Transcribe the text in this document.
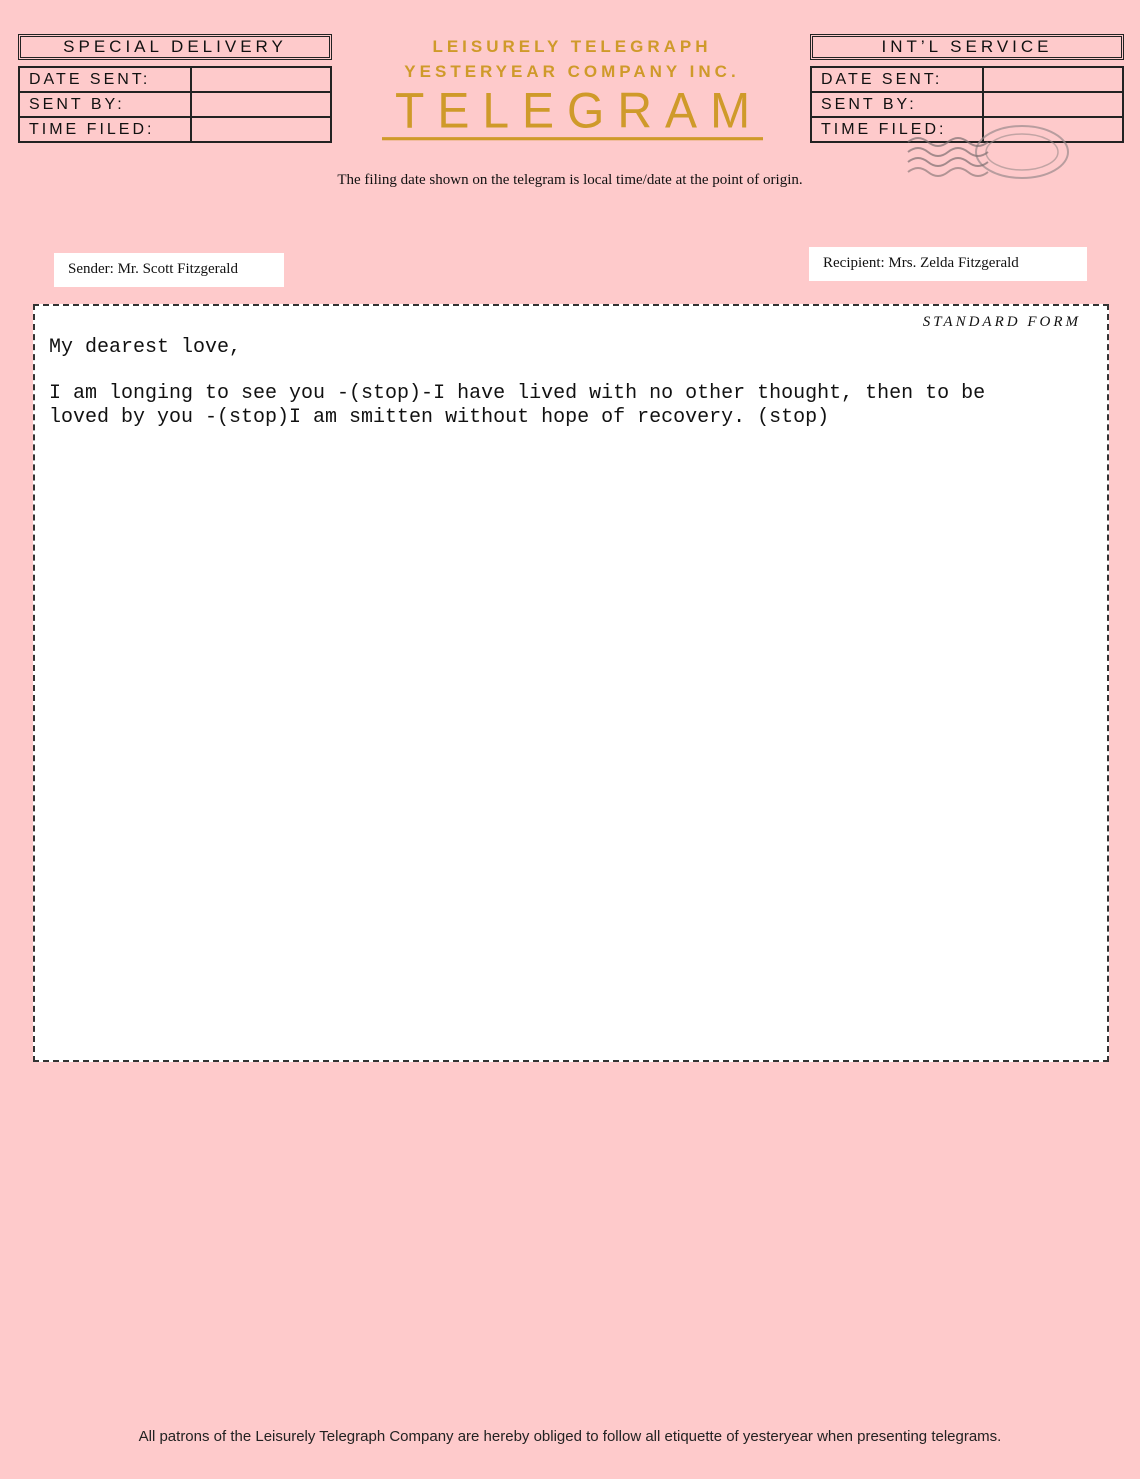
SPECIAL DELIVERY
DATE SENT:
SENT BY:
TIME FILED:
LEISURELY TELEGRAPH
YESTERYEAR COMPANY INC.
TELEGRAM
INT’L SERVICE
DATE SENT:
SENT BY:
TIME FILED:
The filing date shown on the telegram is local time/date at the point of origin.
Sender: Mr. Scott Fitzgerald	Recipient: Mrs. Zelda Fitzgerald
STANDARD FORM
My dearest love,
I am longing to see you -(stop)-I have lived with no other thought, then to be
loved by you -(stop)I am smitten without hope of recovery. (stop)
All patrons of the Leisurely Telegraph Company are hereby obliged to follow all etiquette of yesteryear when presenting telegrams.
